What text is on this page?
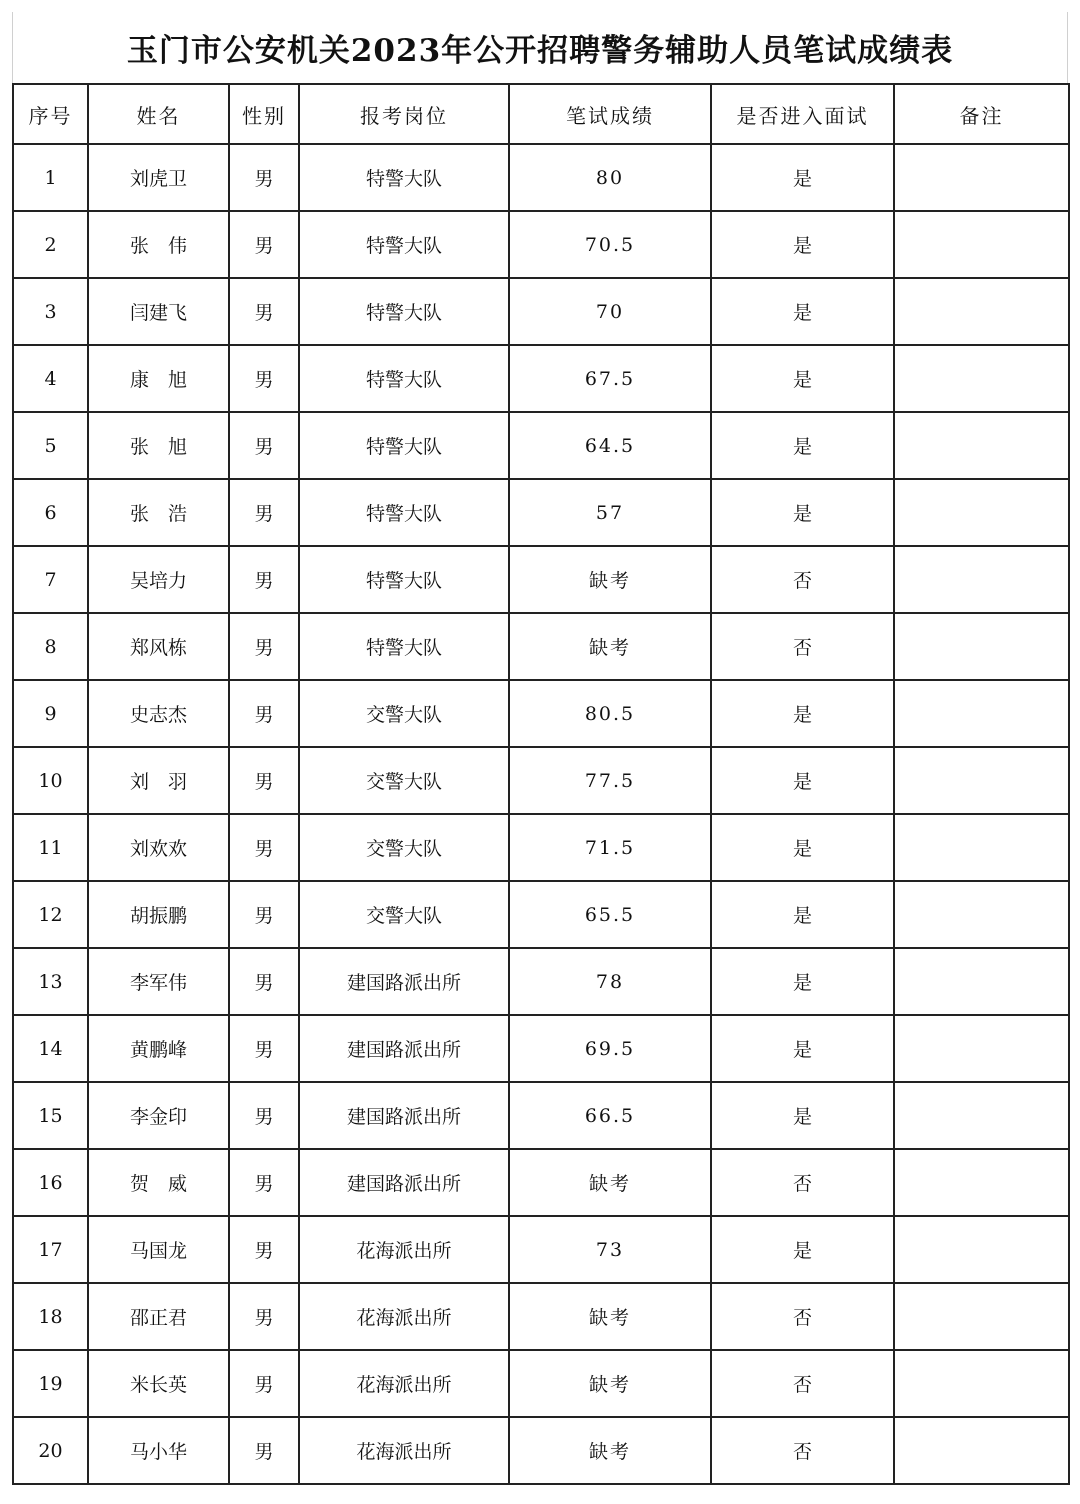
玉门市公安机关2023年公开招聘警务辅助人员笔试成绩表
序号	姓名	性别	报考岗位	笔试成绩	是否进入面试	备注
1	刘虎卫	男	特警大队	80	是	
2	张　伟	男	特警大队	70.5	是	
3	闫建飞	男	特警大队	70	是	
4	康　旭	男	特警大队	67.5	是	
5	张　旭	男	特警大队	64.5	是	
6	张　浩	男	特警大队	57	是	
7	吴培力	男	特警大队	缺考	否	
8	郑风栋	男	特警大队	缺考	否	
9	史志杰	男	交警大队	80.5	是	
10	刘　羽	男	交警大队	77.5	是	
11	刘欢欢	男	交警大队	71.5	是	
12	胡振鹏	男	交警大队	65.5	是	
13	李军伟	男	建国路派出所	78	是	
14	黄鹏峰	男	建国路派出所	69.5	是	
15	李金印	男	建国路派出所	66.5	是	
16	贺　威	男	建国路派出所	缺考	否	
17	马国龙	男	花海派出所	73	是	
18	邵正君	男	花海派出所	缺考	否	
19	米长英	男	花海派出所	缺考	否	
20	马小华	男	花海派出所	缺考	否	
